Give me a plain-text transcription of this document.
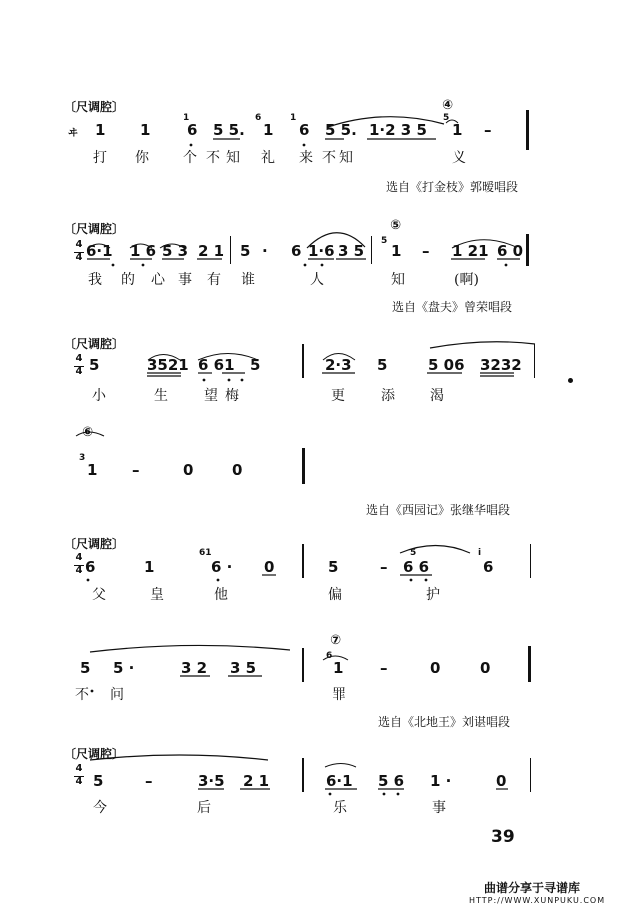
〔尺调腔〕
ヰ 1 1
1
6 5 5.
6
1
1
6 5 5. 1·2 3 5
④
5
1 –
打 你 个 不 知 礼 来 不 知	义
选自《打金枝》郭暧唱段
〔尺调腔〕
4
4 6·1 1 6 5 3 2 1 5 · 6 1·6 3 5
⑤
5
1 – 1 21 6 0
我 的 心 事 有 谁	人	知	(啊)
选自《盘夫》曾荣唱段
〔尺调腔〕
4
4 5	3521 6 61 5	2·3 5	5 06 3232
小	生	望 梅	更	添	渴
⑥
3
1 –	0	0
选自《西园记》张继华唱段
〔尺调腔〕
4
4 6	1
61
6 · 0	5	–
5
6 6
i
6
父	皇	他	偏	护
5 5 ·	3 2 3 5
⑦
6
1 –	0	0
不 问	罪
选自《北地王》刘谌唱段
〔尺调腔〕
4
4 5	–	3·5 2 1	6·1 5 6 1 ·	0
今	后	乐	事
39
曲谱分享于寻谱库
HTTP://WWW.XUNPUKU.COM
